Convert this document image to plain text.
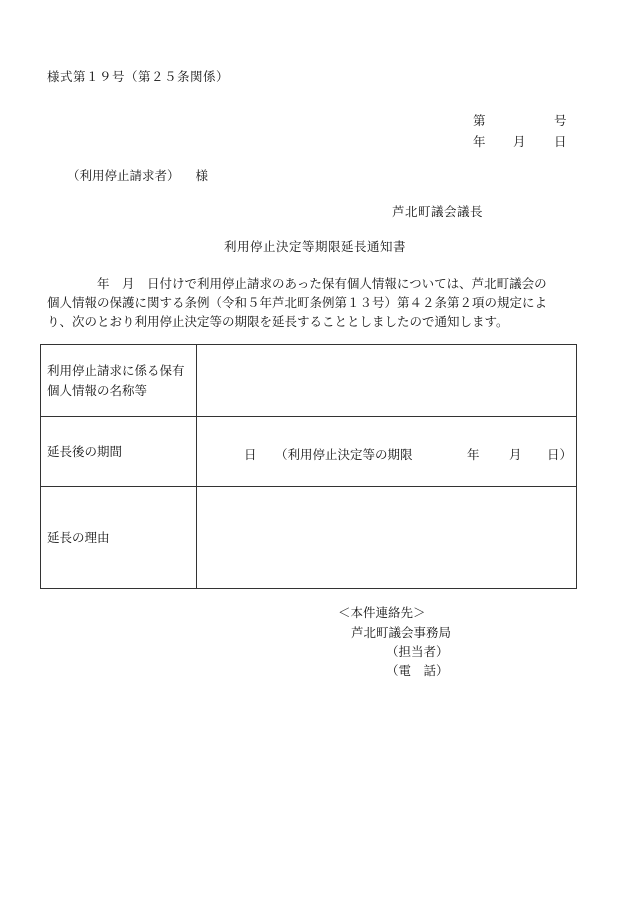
様式第１９号（第２５条関係）
第	号
年 月 日
（利用停止請求者） 様
芦北町議会議長
利用停止決定等期限延長通知書

年　月　日付けで利用停止請求のあった保有個人情報については、芦北町議会の

個人情報の保護に関する条例（令和５年芦北町条例第１３号）第４２条第２項の規定によ

り、次のとおり利用停止決定等の期限を延長することとしましたので通知します。

利用停止請求に係る保有個人情報の名称等	
延長後の期間	日 （利用停止決定等の期限 年 月 日）

延長の理由	
＜本件連絡先＞
芦北町議会事務局
（担当者）
（電　話）
